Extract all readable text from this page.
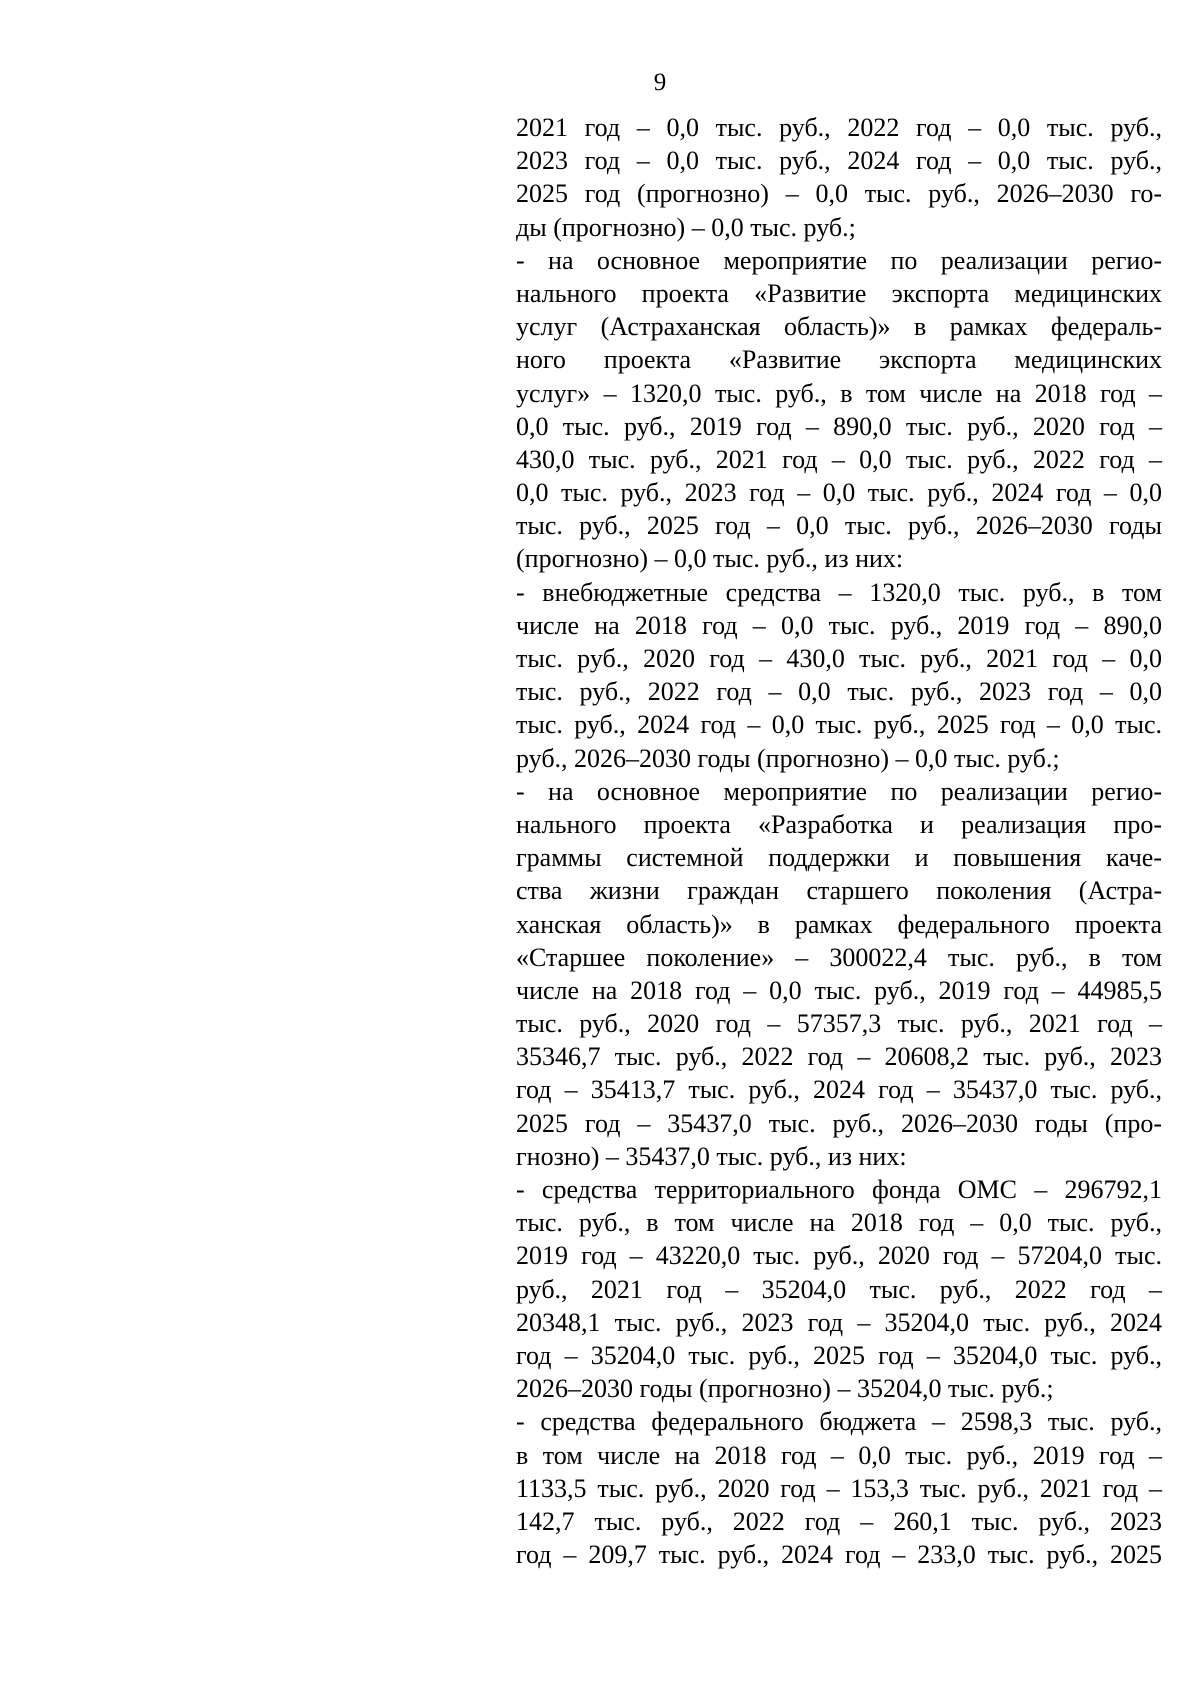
9
2021 год – 0,0 тыс. руб., 2022 год – 0,0 тыс. руб.,
2023 год – 0,0 тыс. руб., 2024 год – 0,0 тыс. руб.,
2025 год (прогнозно) – 0,0 тыс. руб., 2026–2030 го-
ды (прогнозно) – 0,0 тыс. руб.;
- на основное мероприятие по реализации регио-
нального проекта «Развитие экспорта медицинских
услуг (Астраханская область)» в рамках федераль-
ного проекта «Развитие экспорта медицинских
услуг» – 1320,0 тыс. руб., в том числе на 2018 год –
0,0 тыс. руб., 2019 год – 890,0 тыс. руб., 2020 год –
430,0 тыс. руб., 2021 год – 0,0 тыс. руб., 2022 год –
0,0 тыс. руб., 2023 год – 0,0 тыс. руб., 2024 год – 0,0
тыс. руб., 2025 год – 0,0 тыс. руб., 2026–2030 годы
(прогнозно) – 0,0 тыс. руб., из них:
- внебюджетные средства – 1320,0 тыс. руб., в том
числе на 2018 год – 0,0 тыс. руб., 2019 год – 890,0
тыс. руб., 2020 год – 430,0 тыс. руб., 2021 год – 0,0
тыс. руб., 2022 год – 0,0 тыс. руб., 2023 год – 0,0
тыс. руб., 2024 год – 0,0 тыс. руб., 2025 год – 0,0 тыс.
руб., 2026–2030 годы (прогнозно) – 0,0 тыс. руб.;
- на основное мероприятие по реализации регио-
нального проекта «Разработка и реализация про-
граммы системной поддержки и повышения каче-
ства жизни граждан старшего поколения (Астра-
ханская область)» в рамках федерального проекта
«Старшее поколение» – 300022,4 тыс. руб., в том
числе на 2018 год – 0,0 тыс. руб., 2019 год – 44985,5
тыс. руб., 2020 год – 57357,3 тыс. руб., 2021 год –
35346,7 тыс. руб., 2022 год – 20608,2 тыс. руб., 2023
год – 35413,7 тыс. руб., 2024 год – 35437,0 тыс. руб.,
2025 год – 35437,0 тыс. руб., 2026–2030 годы (про-
гнозно) – 35437,0 тыс. руб., из них:
- средства территориального фонда ОМС – 296792,1
тыс. руб., в том числе на 2018 год – 0,0 тыс. руб.,
2019 год – 43220,0 тыс. руб., 2020 год – 57204,0 тыс.
руб., 2021 год – 35204,0 тыс. руб., 2022 год –
20348,1 тыс. руб., 2023 год – 35204,0 тыс. руб., 2024
год – 35204,0 тыс. руб., 2025 год – 35204,0 тыс. руб.,
2026–2030 годы (прогнозно) – 35204,0 тыс. руб.;
- средства федерального бюджета – 2598,3 тыс. руб.,
в том числе на 2018 год – 0,0 тыс. руб., 2019 год –
1133,5 тыс. руб., 2020 год – 153,3 тыс. руб., 2021 год –
142,7 тыс. руб., 2022 год – 260,1 тыс. руб., 2023
год – 209,7 тыс. руб., 2024 год – 233,0 тыс. руб., 2025
